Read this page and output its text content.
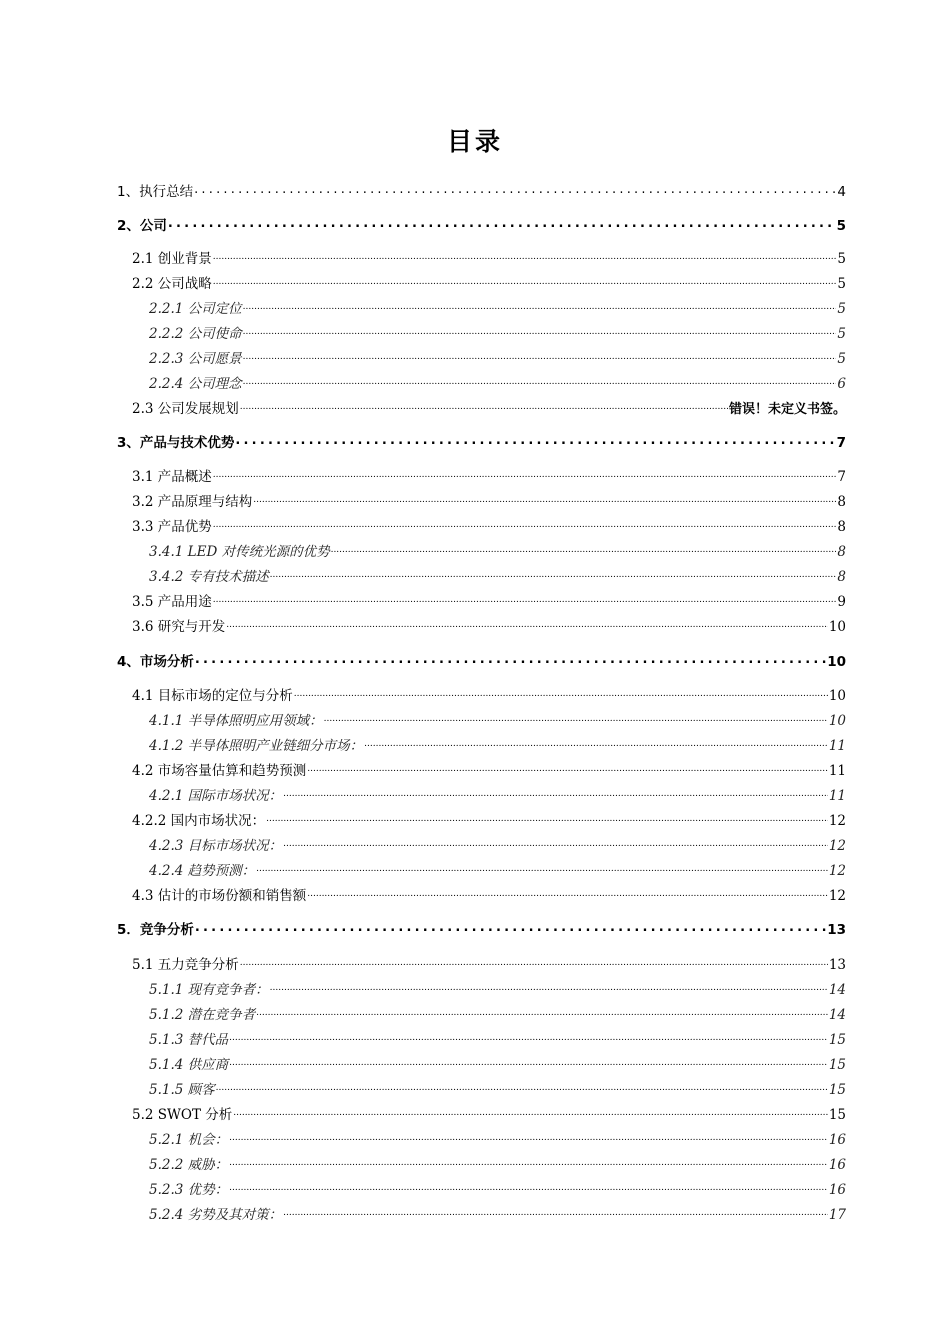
目录
1、执行总结 .....	4
2、公司 .....	5
2.1 创业背景 .....	5
2.2 公司战略 .....	5
2.2.1 公司定位 .....	5
2.2.2 公司使命 .....	5
2.2.3 公司愿景 .....	5
2.2.4 公司理念 .....	6
2.3 公司发展规划 .....	错误！未定义书签。
3、产品与技术优势 .....	7
3.1 产品概述 .....	7
3.2 产品原理与结构 .....	8
3.3 产品优势 .....	8
3.4.1 LED 对传统光源的优势 .....	8
3.4.2 专有技术描述 .....	8
3.5 产品用途 .....	9
3.6 研究与开发 .....	10
4、市场分析 .....	10
4.1 目标市场的定位与分析 .....	10
4.1.1 半导体照明应用领域： .....	10
4.1.2 半导体照明产业链细分市场： .....	11
4.2 市场容量估算和趋势预测 .....	11
4.2.1 国际市场状况： .....	11
4.2.2 国内市场状况： .....	12
4.2.3 目标市场状况： .....	12
4.2.4 趋势预测： .....	12
4.3 估计的市场份额和销售额 .....	12
5．竞争分析 .....	13
5.1 五力竞争分析 .....	13
5.1.1 现有竞争者： .....	14
5.1.2 潜在竞争者 .....	14
5.1.3 替代品 .....	15
5.1.4 供应商 .....	15
5.1.5 顾客 .....	15
5.2 SWOT 分析 .....	15
5.2.1 机会： .....	16
5.2.2 威胁： .....	16
5.2.3 优势： .....	16
5.2.4 劣势及其对策： .....	17
